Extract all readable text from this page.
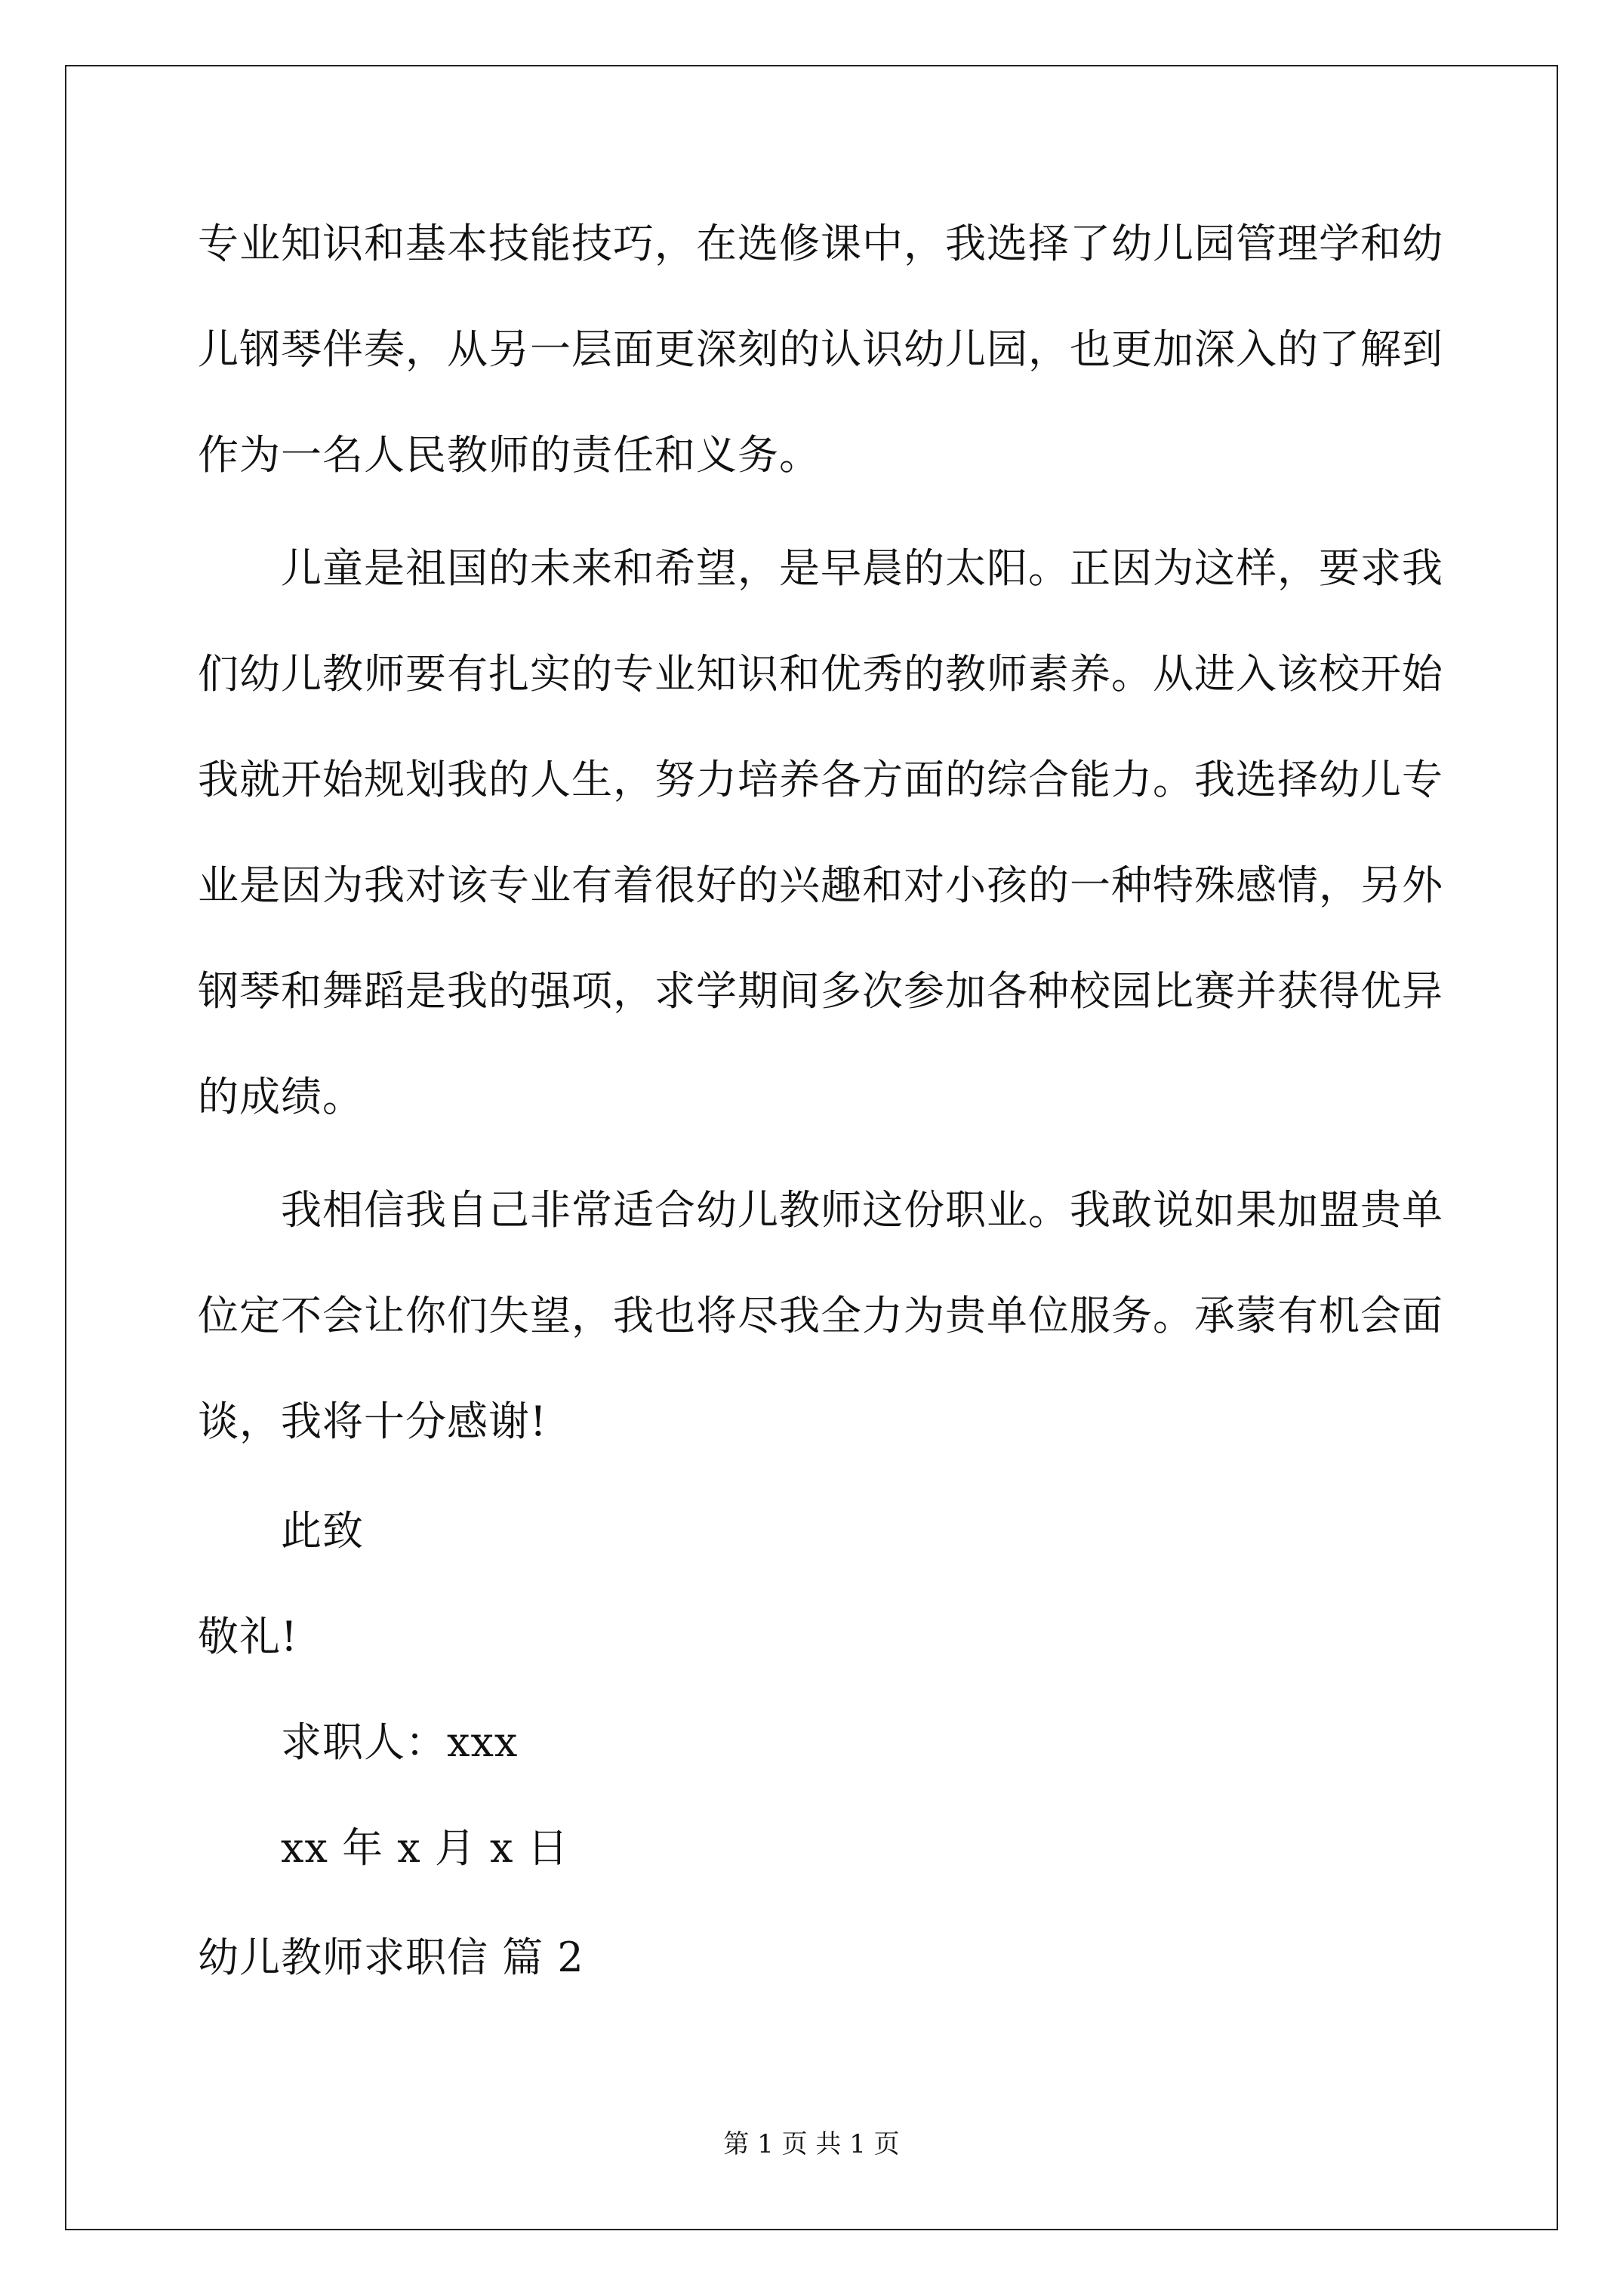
专业知识和基本技能技巧，在选修课中，我选择了幼儿园管理学和幼
儿钢琴伴奏，从另一层面更深刻的认识幼儿园，也更加深入的了解到
作为一名人民教师的责任和义务。
儿童是祖国的未来和希望，是早晨的太阳。正因为这样，要求我
们幼儿教师要有扎实的专业知识和优秀的教师素养。从进入该校开始
我就开始规划我的人生，努力培养各方面的综合能力。我选择幼儿专
业是因为我对该专业有着很好的兴趣和对小孩的一种特殊感情，另外
钢琴和舞蹈是我的强项，求学期间多次参加各种校园比赛并获得优异
的成绩。
我相信我自己非常适合幼儿教师这份职业。我敢说如果加盟贵单
位定不会让你们失望，我也将尽我全力为贵单位服务。承蒙有机会面
谈，我将十分感谢!
此致
敬礼!
求职人：xxx
xx 年 x 月 x 日
幼儿教师求职信 篇 2
第 1 页 共 1 页
